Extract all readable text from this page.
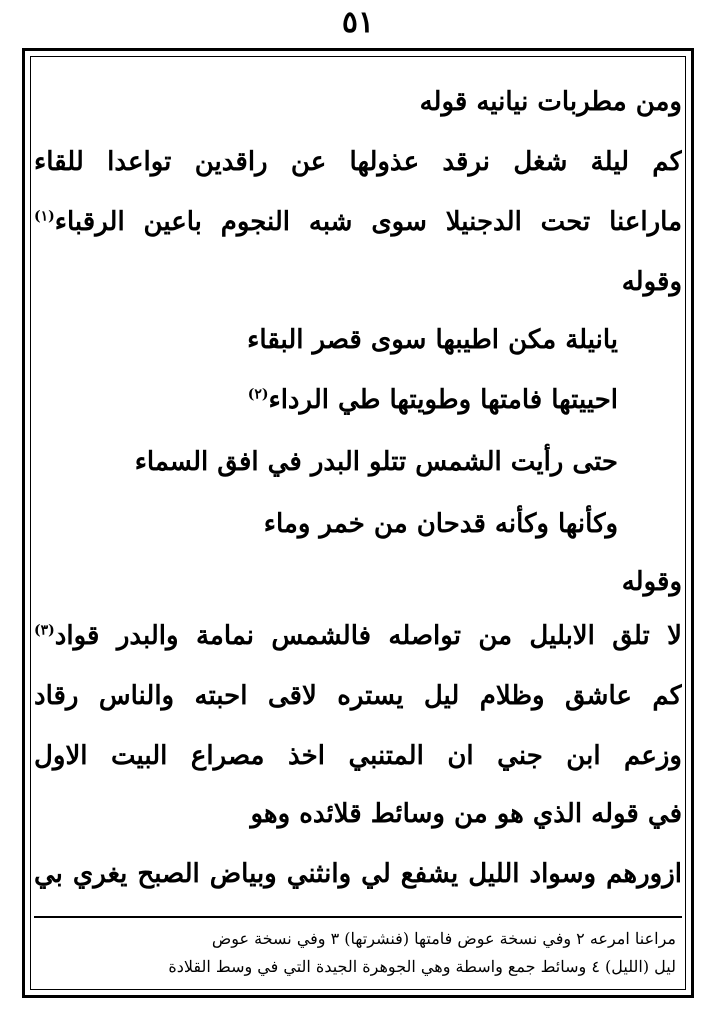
٥١
ومن مطربات نيانيه قوله
كم ليلة شغل نرقد عذولها عن راقدين تواعدا للقاء
ماراعنا تحت الدجنيلا سوى شبه النجوم باعين الرقباء$^{(١)}$
وقوله
يانيلة مكن اطيبها سوى قصر البقاء
احييتها فامتها وطويتها طي الرداء$^{(٢)}$
حتى رأيت الشمس تتلو البدر في افق السماء
وكأنها وكأنه قدحان من خمر وماء
وقوله
لا تلق الابليل من تواصله فالشمس نمامة والبدر قواد$^{(٣)}$
كم عاشق وظلام ليل يستره لاقى احبته والناس رقاد
وزعم ابن جني ان المتنبي اخذ مصراع البيت الاول
في قوله الذي هو من وسائط قلائده وهو
ازورهم وسواد الليل يشفع لي وانثني وبياض الصبح يغري بي
مراعنا امرعه ٢ وفي نسخة عوض فامتها (فنشرتها) ٣ وفي نسخة عوض
ليل (الليل) ٤ وسائط جمع واسطة وهي الجوهرة الجيدة التي في وسط القلادة
